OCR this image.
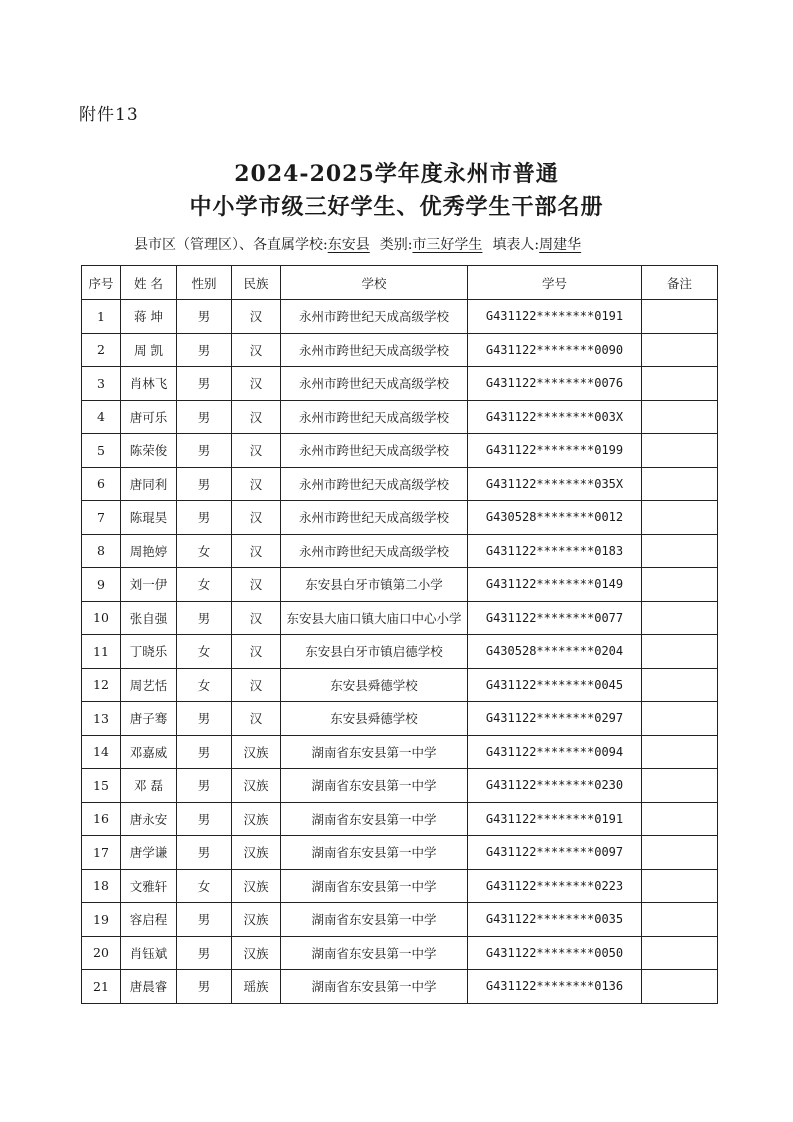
附件13
2024-2025学年度永州市普通
中小学市级三好学生、优秀学生干部名册
县市区（管理区）、各直属学校:东安县 类别:市三好学生 填表人:周建华
序号	姓 名	性别	民族	学校	学号	备注
1	蒋 坤	男	汉	永州市跨世纪天成高级学校	G431122********0191	
2	周 凯	男	汉	永州市跨世纪天成高级学校	G431122********0090	
3	肖林飞	男	汉	永州市跨世纪天成高级学校	G431122********0076	
4	唐可乐	男	汉	永州市跨世纪天成高级学校	G431122********003X	
5	陈荣俊	男	汉	永州市跨世纪天成高级学校	G431122********0199	
6	唐同利	男	汉	永州市跨世纪天成高级学校	G431122********035X	
7	陈琨昊	男	汉	永州市跨世纪天成高级学校	G430528********0012	
8	周艳婷	女	汉	永州市跨世纪天成高级学校	G431122********0183	
9	刘一伊	女	汉	东安县白牙市镇第二小学	G431122********0149	
10	张自强	男	汉	东安县大庙口镇大庙口中心小学	G431122********0077	
11	丁晓乐	女	汉	东安县白牙市镇启德学校	G430528********0204	
12	周艺恬	女	汉	东安县舜德学校	G431122********0045	
13	唐子骞	男	汉	东安县舜德学校	G431122********0297	
14	邓嘉威	男	汉族	湖南省东安县第一中学	G431122********0094	
15	邓 磊	男	汉族	湖南省东安县第一中学	G431122********0230	
16	唐永安	男	汉族	湖南省东安县第一中学	G431122********0191	
17	唐学谦	男	汉族	湖南省东安县第一中学	G431122********0097	
18	文雅轩	女	汉族	湖南省东安县第一中学	G431122********0223	
19	容启程	男	汉族	湖南省东安县第一中学	G431122********0035	
20	肖钰斌	男	汉族	湖南省东安县第一中学	G431122********0050	
21	唐晨睿	男	瑶族	湖南省东安县第一中学	G431122********0136	
